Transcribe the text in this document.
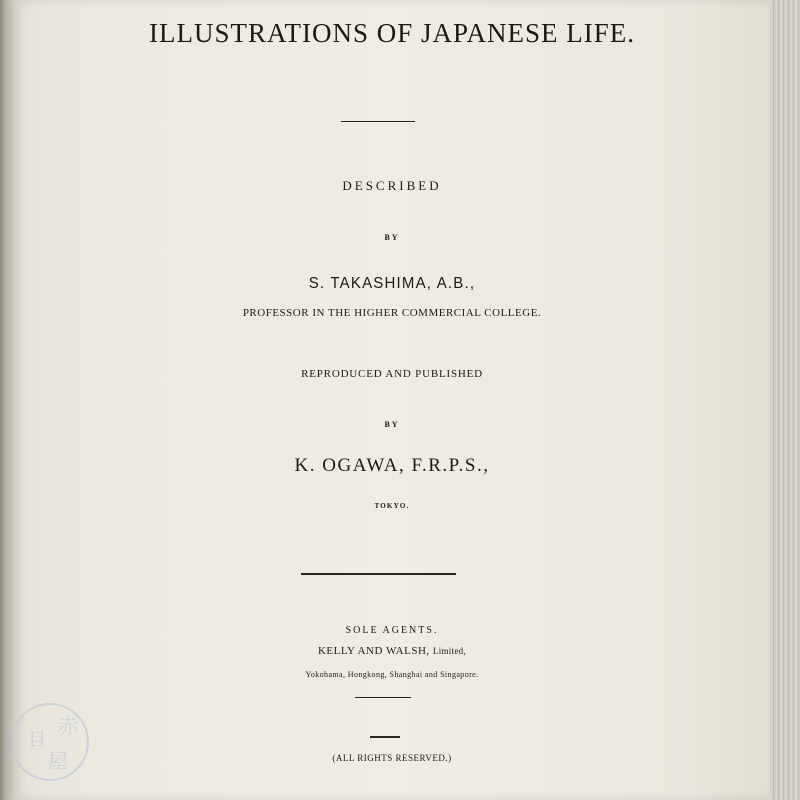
ILLUSTRATIONS OF JAPANESE LIFE.
DESCRIBED
BY
S. TAKASHIMA, A.B.,
PROFESSOR IN THE HIGHER COMMERCIAL COLLEGE.
REPRODUCED AND PUBLISHED
BY
K. OGAWA, F.R.P.S.,
TOKYO.
SOLE AGENTS.
KELLY AND WALSH, Limited,
Yokohama, Hongkong, Shanghai and Singapore.
(ALL RIGHTS RESERVED.)
赤
目
屋
